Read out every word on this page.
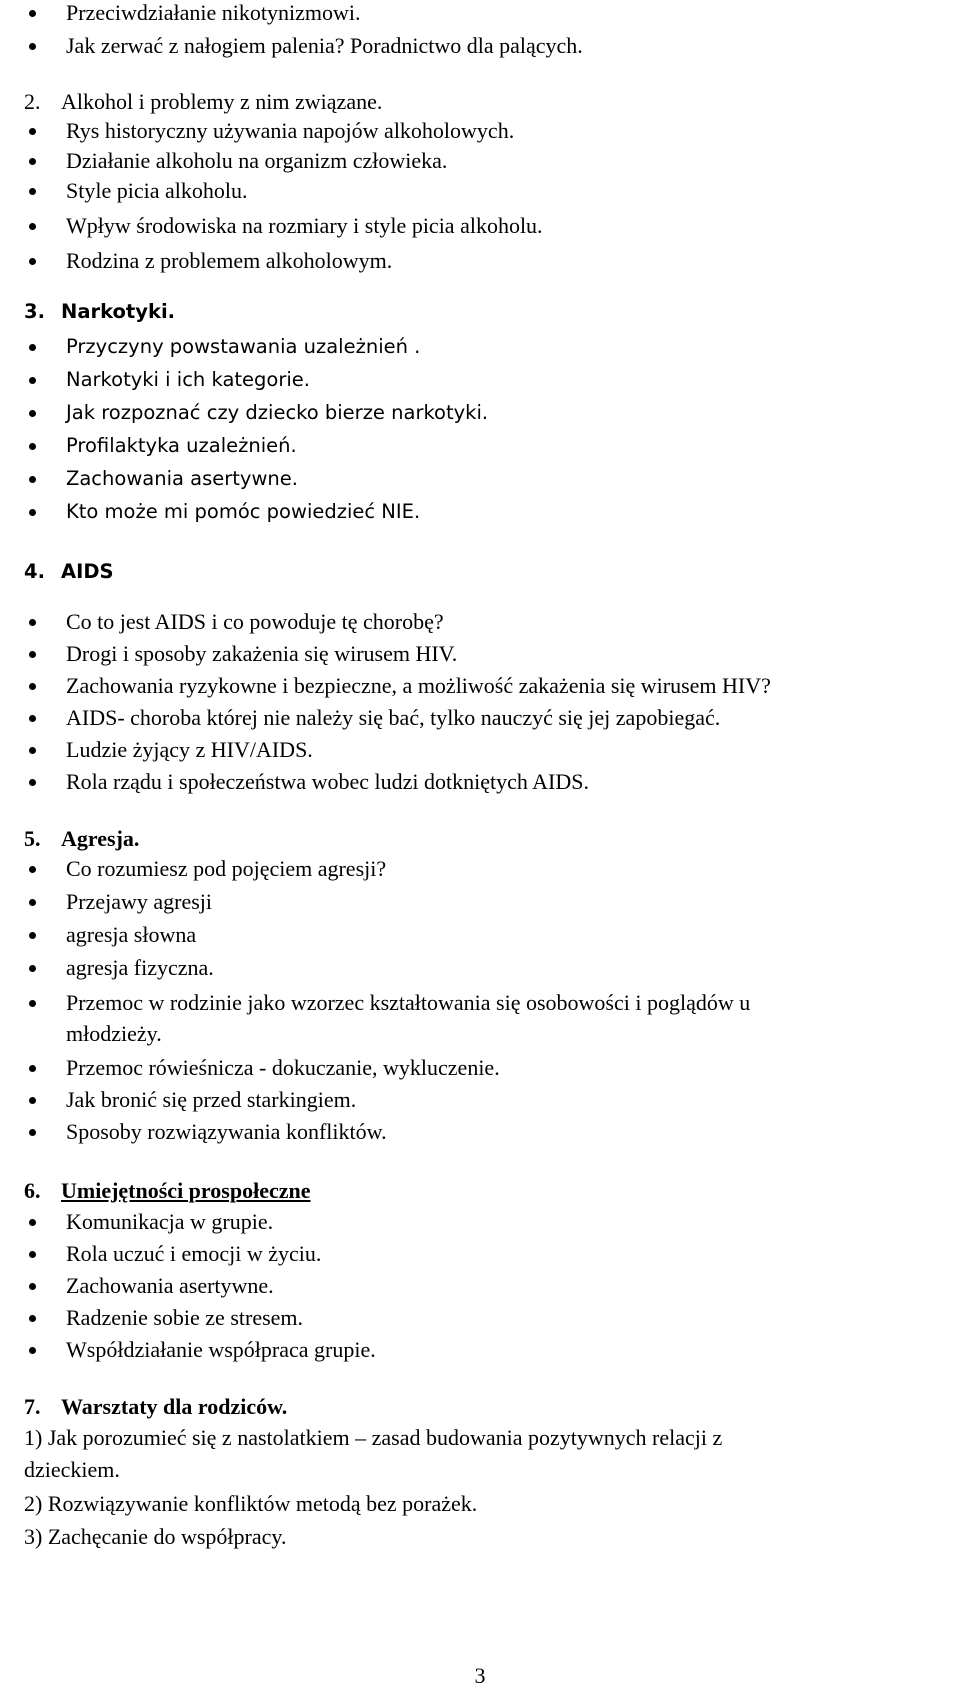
Przeciwdziałanie nikotynizmowi.
Jak zerwać z nałogiem palenia? Poradnictwo dla palących.
2. Alkohol i problemy z nim związane.
Rys historyczny używania napojów alkoholowych.
Działanie alkoholu na organizm człowieka.
Style picia alkoholu.
Wpływ środowiska na rozmiary i style picia alkoholu.
Rodzina z problemem alkoholowym.
3. Narkotyki.
Przyczyny powstawania uzależnień .
Narkotyki i ich kategorie.
Jak rozpoznać czy dziecko bierze narkotyki.
Profilaktyka uzależnień.
Zachowania asertywne.
Kto może mi pomóc powiedzieć NIE.
4. AIDS
Co to jest AIDS i co powoduje tę chorobę?
Drogi i sposoby zakażenia się wirusem HIV.
Zachowania ryzykowne i bezpieczne, a możliwość zakażenia się wirusem HIV?
AIDS- choroba której nie należy się bać, tylko nauczyć się jej zapobiegać.
Ludzie żyjący z HIV/AIDS.
Rola rządu i społeczeństwa wobec ludzi dotkniętych AIDS.
5. Agresja.
Co rozumiesz pod pojęciem agresji?
Przejawy agresji
agresja słowna
agresja fizyczna.
Przemoc w rodzinie jako wzorzec kształtowania się osobowości i poglądów u
młodzieży.
Przemoc rówieśnicza - dokuczanie, wykluczenie.
Jak bronić się przed starkingiem.
Sposoby rozwiązywania konfliktów.
6. Umiejętności prospołeczne
Komunikacja w grupie.
Rola uczuć i emocji w życiu.
Zachowania asertywne.
Radzenie sobie ze stresem.
Współdziałanie współpraca grupie.
7. Warsztaty dla rodziców.
1) Jak porozumieć się z nastolatkiem – zasad budowania pozytywnych relacji z
dzieckiem.
2) Rozwiązywanie konfliktów metodą bez porażek.
3) Zachęcanie do współpracy.
3
